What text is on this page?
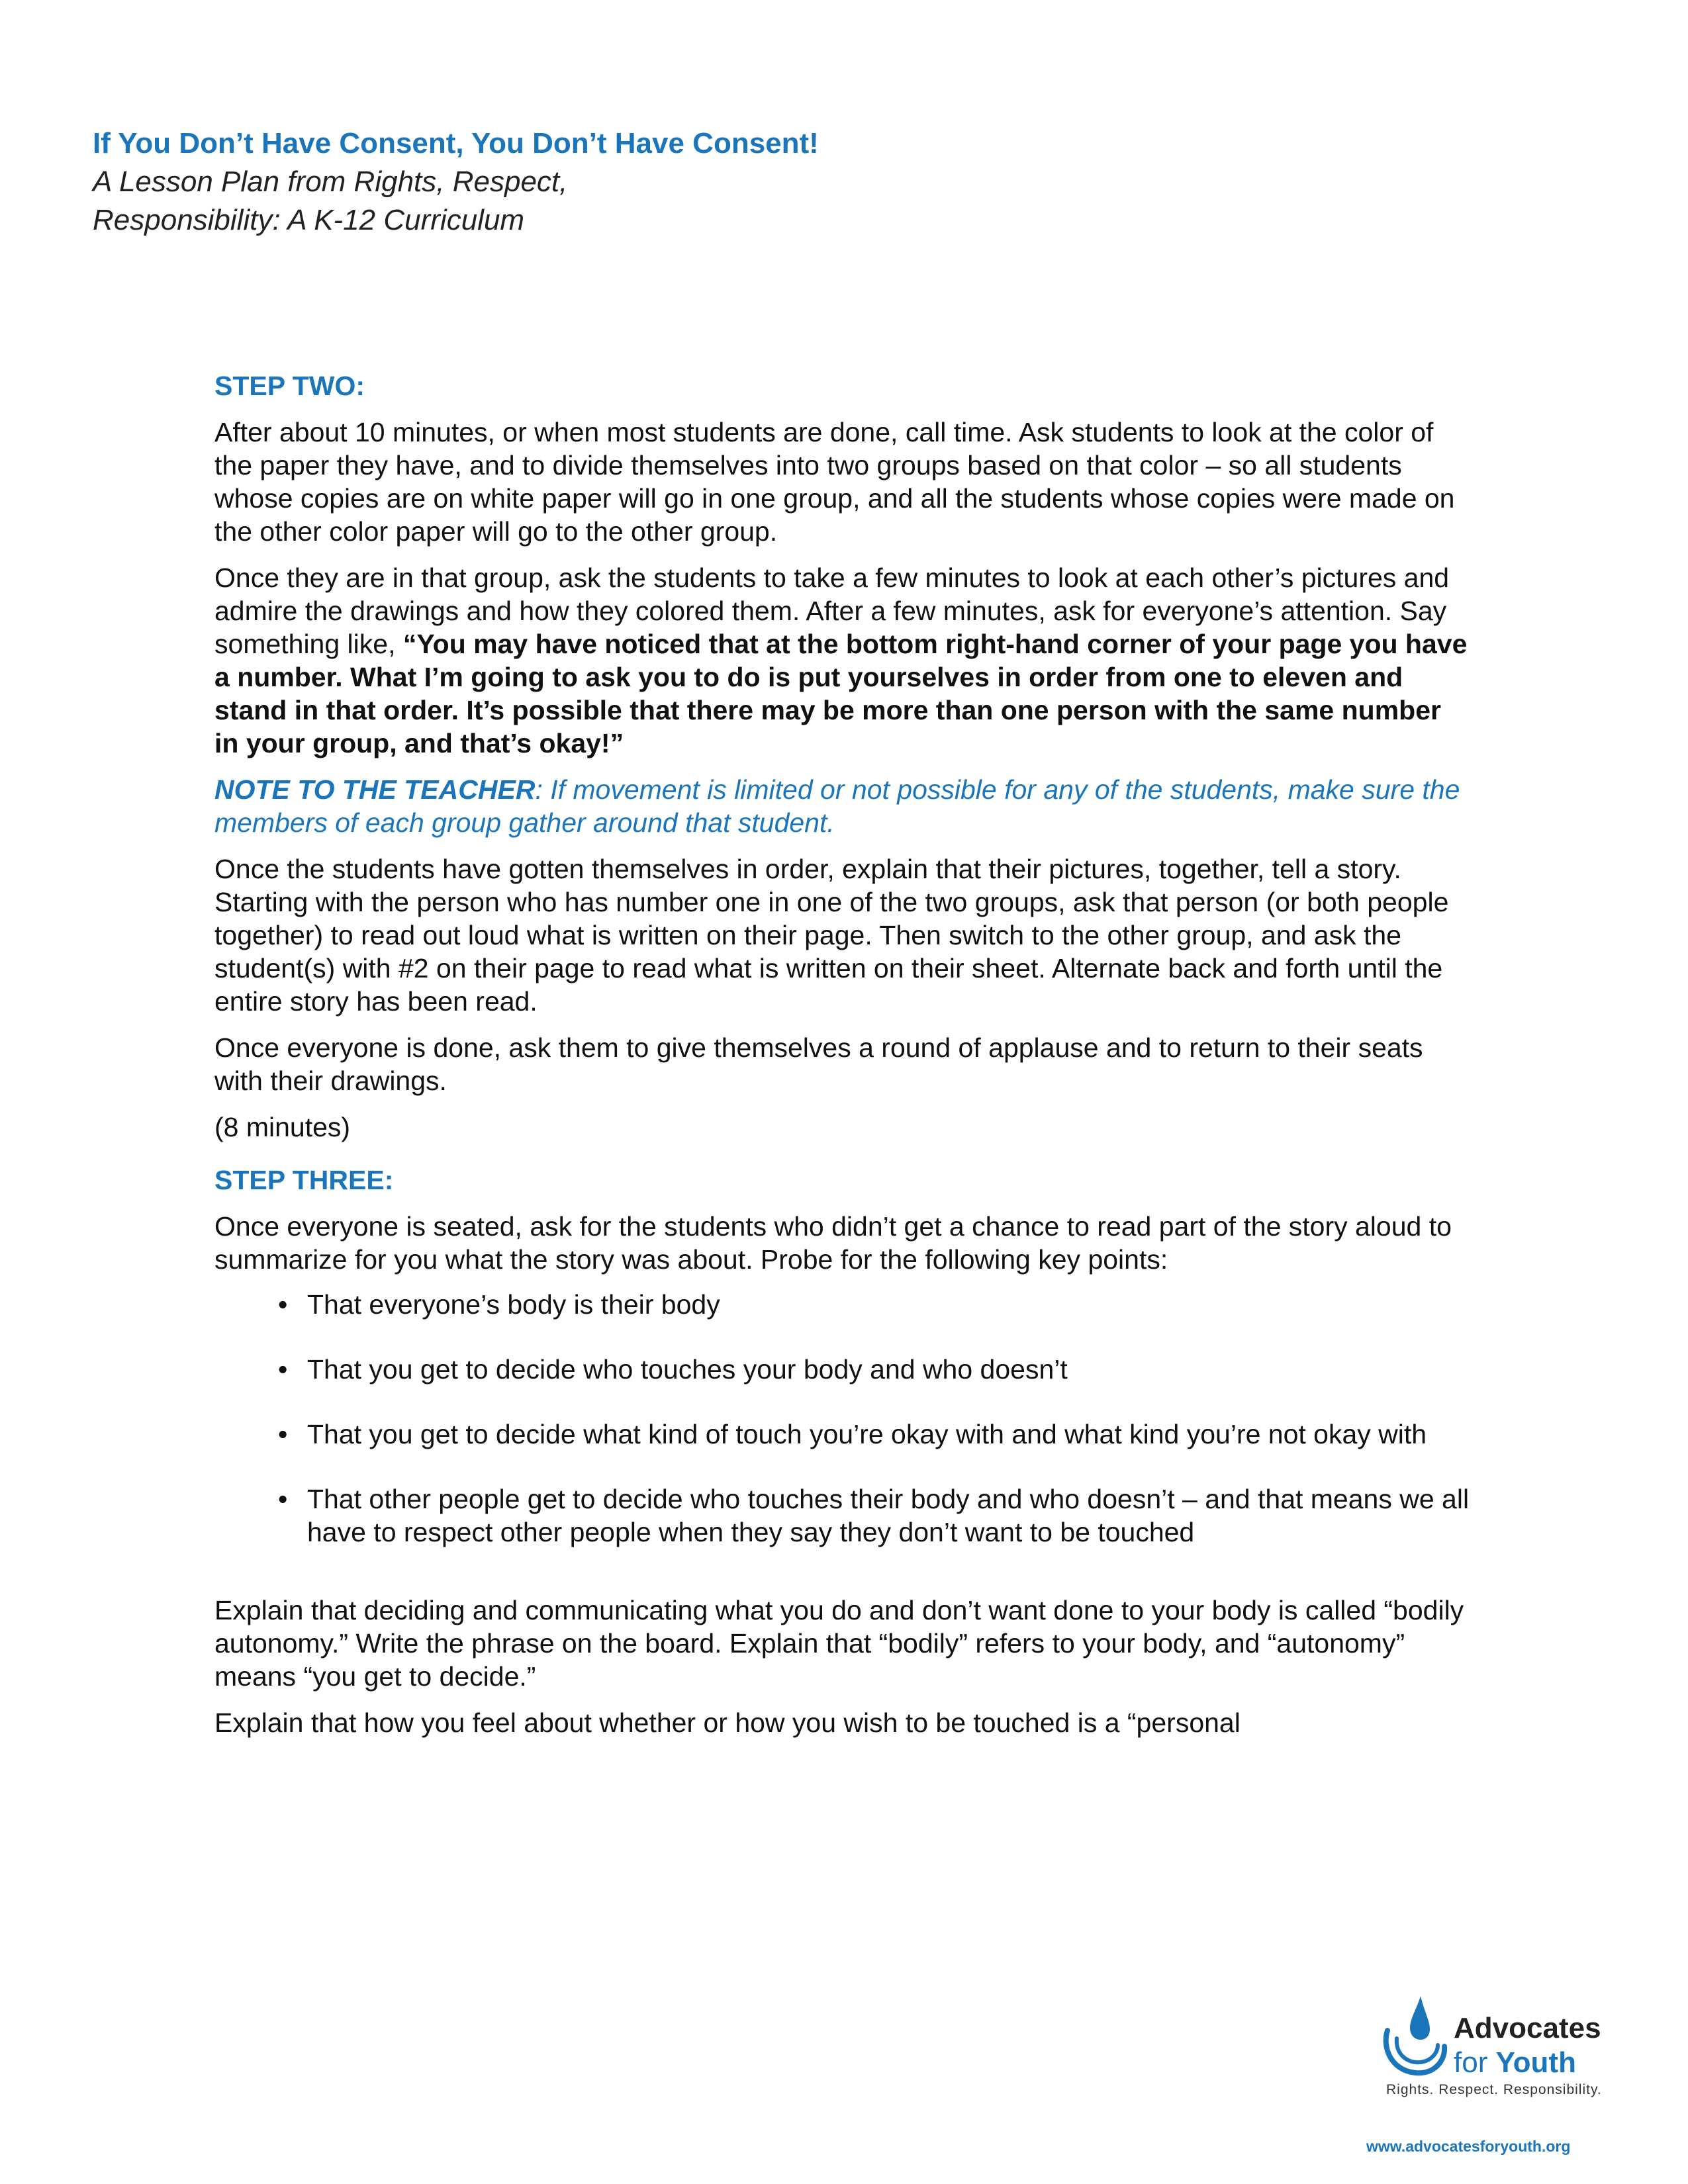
If You Don’t Have Consent, You Don’t Have Consent!
A Lesson Plan from Rights, Respect,
Responsibility: A K-12 Curriculum
STEP TWO:

After about 10 minutes, or when most students are done, call time. Ask students to look at the color of the paper they have, and to divide themselves into two groups based on that color – so all students whose copies are on white paper will go in one group, and all the students whose copies were made on the other color paper will go to the other group.

Once they are in that group, ask the students to take a few minutes to look at each other’s pictures and admire the drawings and how they colored them. After a few minutes, ask for everyone’s attention. Say something like, “You may have noticed that at the bottom right-hand corner of your page you have a number. What I’m going to ask you to do is put yourselves in order from one to eleven and stand in that order. It’s possible that there may be more than one person with the same number in your group, and that’s okay!”

NOTE TO THE TEACHER: If movement is limited or not possible for any of the students, make sure the members of each group gather around that student.

Once the students have gotten themselves in order, explain that their pictures, together, tell a story. Starting with the person who has number one in one of the two groups, ask that person (or both people together) to read out loud what is written on their page. Then switch to the other group, and ask the student(s) with #2 on their page to read what is written on their sheet. Alternate back and forth until the entire story has been read.

Once everyone is done, ask them to give themselves a round of applause and to return to their seats with their drawings.

(8 minutes)

STEP THREE:

Once everyone is seated, ask for the students who didn’t get a chance to read part of the story aloud to summarize for you what the story was about. Probe for the following key points:

• That everyone’s body is their body
• That you get to decide who touches your body and who doesn’t
• That you get to decide what kind of touch you’re okay with and what kind you’re not okay with
• That other people get to decide who touches their body and who doesn’t – and that means we all have to respect other people when they say they don’t want to be touched

Explain that deciding and communicating what you do and don’t want done to your body is called “bodily autonomy.” Write the phrase on the board. Explain that “bodily” refers to your body, and “autonomy” means “you get to decide.”

Explain that how you feel about whether or how you wish to be touched is a “personal

Advocates
for Youth
Rights. Respect. Responsibility.
www.advocatesforyouth.org
